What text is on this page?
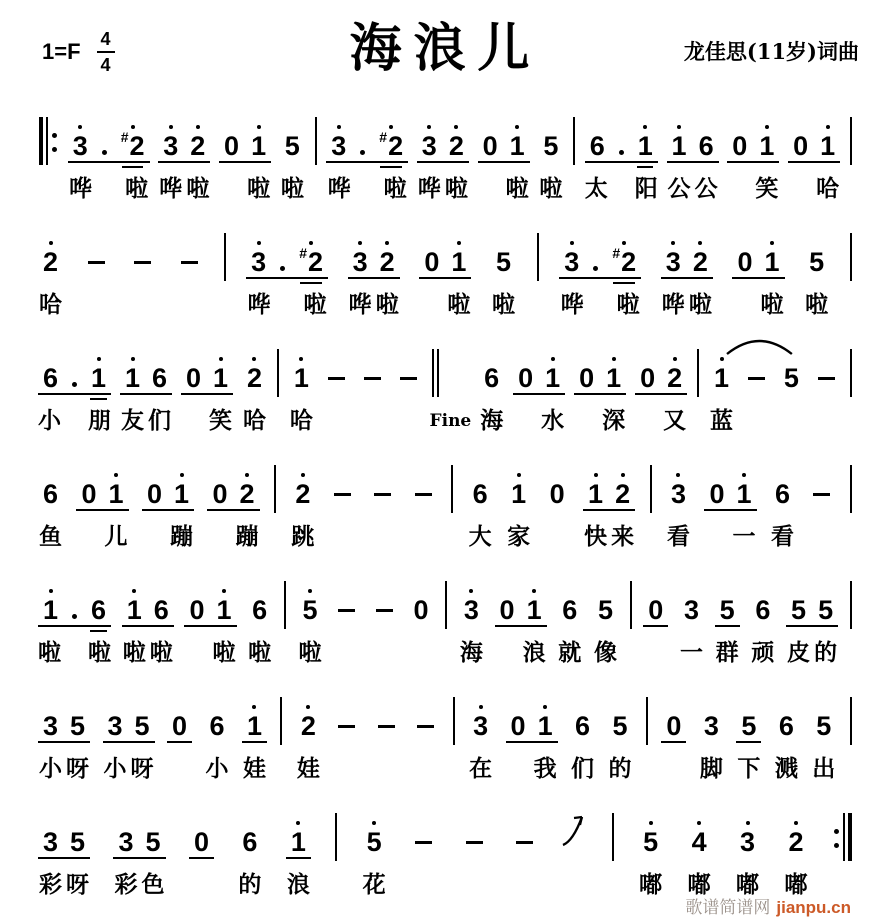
$1=F \frac{4}{4}$	海浪儿	龙佳思(11岁)词曲
3 # 2
哗 啦
3 2
哗 啦
0 1
啦
5
啦
3 # 2
哗 啦
3 2
哗 啦
0 1
啦
5
啦
6 1
太 阳
1 6
公 公
0 1
笑
0 1
哈
2
哈
3 # 2
哗 啦
3 2
哗 啦
0 1
啦
5
啦
3 # 2
哗 啦
3 2
哗 啦
0 1
啦
5
啦
6 1
小 朋
1 6
友 们
0 1
笑
2
哈
1
哈	Fine
6
海
0 1
水
0 1
深
0 2
又
1
蓝
5
6
鱼
0 1
儿
0 1
蹦
0 2
蹦
2
跳
6
大
1
家
0 1 2
快 来
3
看
0 1
一
6
看
1 6
啦 啦
1 6
啦 啦
0 1
啦
6
啦
5
啦
0 3
海
0 1
浪
6
就
5
像
0 3
一
5
群
6
顽
5 5
皮 的
3 5
小 呀
3 5
小 呀
0 6
小
1
娃
2
娃
3
在
0 1
我
6
们
5
的
0 3
脚
5
下
6
溅
5
出
3 5
彩 呀
3 5
彩 色
0 6
的
1
浪
5
花
5
嘟
4
嘟
3
嘟
2
嘟
歌谱简谱网 jianpu.cn
